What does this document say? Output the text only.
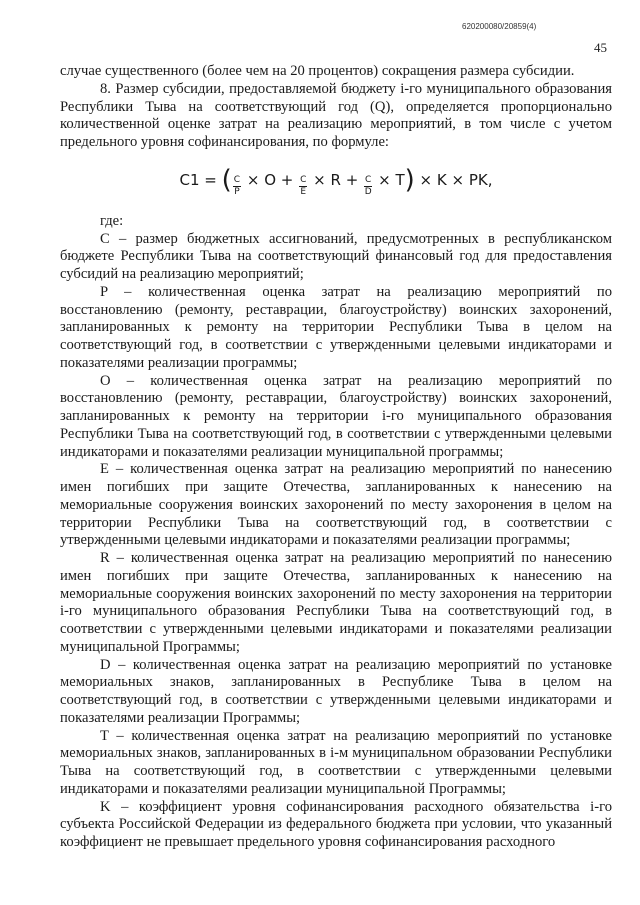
620200080/20859(4)
45

случае существенного (более чем на 20 процентов) сокращения размера субсидии.

8. Размер субсидии, предоставляемой бюджету i-го муниципального образования Республики Тыва на соответствующий год (Q), определяется пропорционально количественной оценке затрат на реализацию мероприятий, в том числе с учетом предельного уровня софинансирования, по формуле:

C1 = ( $\frac{C}{P} \times O + \frac{C}{E} \times R + \frac{C}{D} \times T) \times K$ × PK,

где:

С – размер бюджетных ассигнований, предусмотренных в республиканском бюджете Республики Тыва на соответствующий финансовый год для предоставления субсидий на реализацию мероприятий;

P – количественная оценка затрат на реализацию мероприятий по восстановлению (ремонту, реставрации, благоустройству) воинских захоронений, запланированных к ремонту на территории Республики Тыва в целом на соответствующий год, в соответствии с утвержденными целевыми индикаторами и показателями реализации программы;

O – количественная оценка затрат на реализацию мероприятий по восстановлению (ремонту, реставрации, благоустройству) воинских захоронений, запланированных к ремонту на территории i-го муниципального образования Республики Тыва на соответствующий год, в соответствии с утвержденными целевыми индикаторами и показателями реализации муниципальной программы;

E – количественная оценка затрат на реализацию мероприятий по нанесению имен погибших при защите Отечества, запланированных к нанесению на мемориальные сооружения воинских захоронений по месту захоронения в целом на территории Республики Тыва на соответствующий год, в соответствии с утвержденными целевыми индикаторами и показателями реализации программы;

R – количественная оценка затрат на реализацию мероприятий по нанесению имен погибших при защите Отечества, запланированных к нанесению на мемориальные сооружения воинских захоронений по месту захоронения на территории i-го муниципального образования Республики Тыва на соответствующий год, в соответствии с утвержденными целевыми индикаторами и показателями реализации муниципальной Программы;

D – количественная оценка затрат на реализацию мероприятий по установке мемориальных знаков, запланированных в Республике Тыва в целом на соответствующий год, в соответствии с утвержденными целевыми индикаторами и показателями реализации Программы;

T – количественная оценка затрат на реализацию мероприятий по установке мемориальных знаков, запланированных в i-м муниципальном образовании Республики Тыва на соответствующий год, в соответствии с утвержденными целевыми индикаторами и показателями реализации муниципальной Программы;

K – коэффициент уровня софинансирования расходного обязательства i-го субъекта Российской Федерации из федерального бюджета при условии, что указанный коэффициент не превышает предельного уровня софинансирования расходного
